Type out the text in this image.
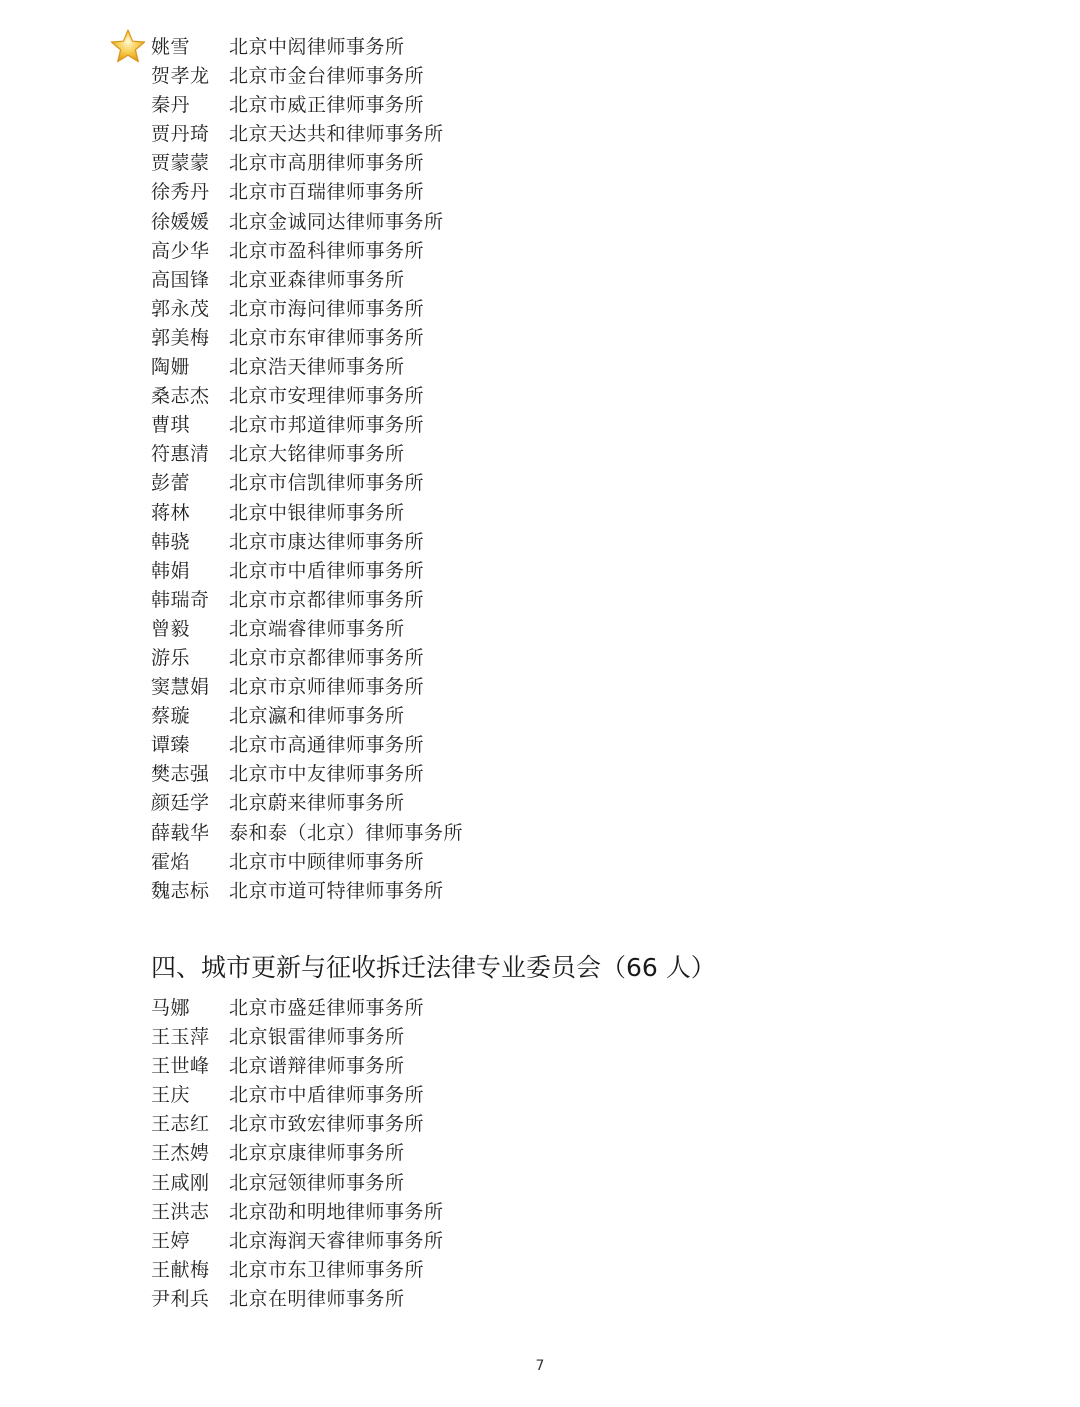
姚雪 北京中闳律师事务所
贺孝龙 北京市金台律师事务所
秦丹 北京市威正律师事务所
贾丹琦 北京天达共和律师事务所
贾蒙蒙 北京市高朋律师事务所
徐秀丹 北京市百瑞律师事务所
徐媛媛 北京金诚同达律师事务所
高少华 北京市盈科律师事务所
高国锋 北京亚森律师事务所
郭永茂 北京市海问律师事务所
郭美梅 北京市东审律师事务所
陶姗 北京浩天律师事务所
桑志杰 北京市安理律师事务所
曹琪 北京市邦道律师事务所
符惠清 北京大铭律师事务所
彭蕾 北京市信凯律师事务所
蒋林 北京中银律师事务所
韩骁 北京市康达律师事务所
韩娟 北京市中盾律师事务所
韩瑞奇 北京市京都律师事务所
曾毅 北京端睿律师事务所
游乐 北京市京都律师事务所
窦慧娟 北京市京师律师事务所
蔡璇 北京瀛和律师事务所
谭臻 北京市高通律师事务所
樊志强 北京市中友律师事务所
颜廷学 北京蔚来律师事务所
薛载华 泰和泰（北京）律师事务所
霍焰 北京市中顾律师事务所
魏志标 北京市道可特律师事务所
四、城市更新与征收拆迁法律专业委员会（66 人）
马娜 北京市盛廷律师事务所
王玉萍 北京银雷律师事务所
王世峰 北京谱辩律师事务所
王庆 北京市中盾律师事务所
王志红 北京市致宏律师事务所
王杰娉 北京京康律师事务所
王咸刚 北京冠领律师事务所
王洪志 北京劭和明地律师事务所
王婷 北京海润天睿律师事务所
王献梅 北京市东卫律师事务所
尹利兵 北京在明律师事务所
7
